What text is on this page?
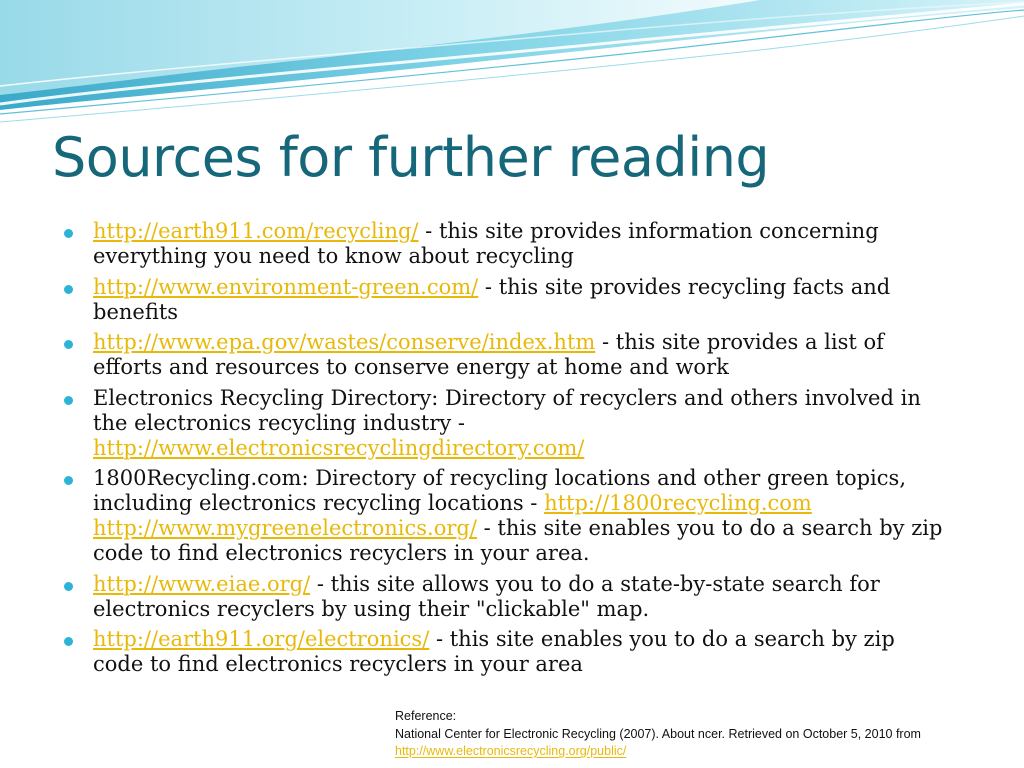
Sources for further reading
http://earth911.com/recycling/ - this site provides information concerning everything you need to know about recycling
http://www.environment-green.com/ - this site provides recycling facts and benefits
http://www.epa.gov/wastes/conserve/index.htm - this site provides a list of efforts and resources to conserve energy at home and work
Electronics Recycling Directory: Directory of recyclers and others involved in the electronics recycling industry - http://www.electronicsrecyclingdirectory.com/
1800Recycling.com: Directory of recycling locations and other green topics, including electronics recycling locations - http://1800recycling.com http://www.mygreenelectronics.org/ - this site enables you to do a search by zip code to find electronics recyclers in your area.
http://www.eiae.org/ - this site allows you to do a state-by-state search for electronics recyclers by using their "clickable" map.
http://earth911.org/electronics/ - this site enables you to do a search by zip code to find electronics recyclers in your area
Reference:
National Center for Electronic Recycling (2007). About ncer. Retrieved on October 5, 2010 from
http://www.electronicsrecycling.org/public/
